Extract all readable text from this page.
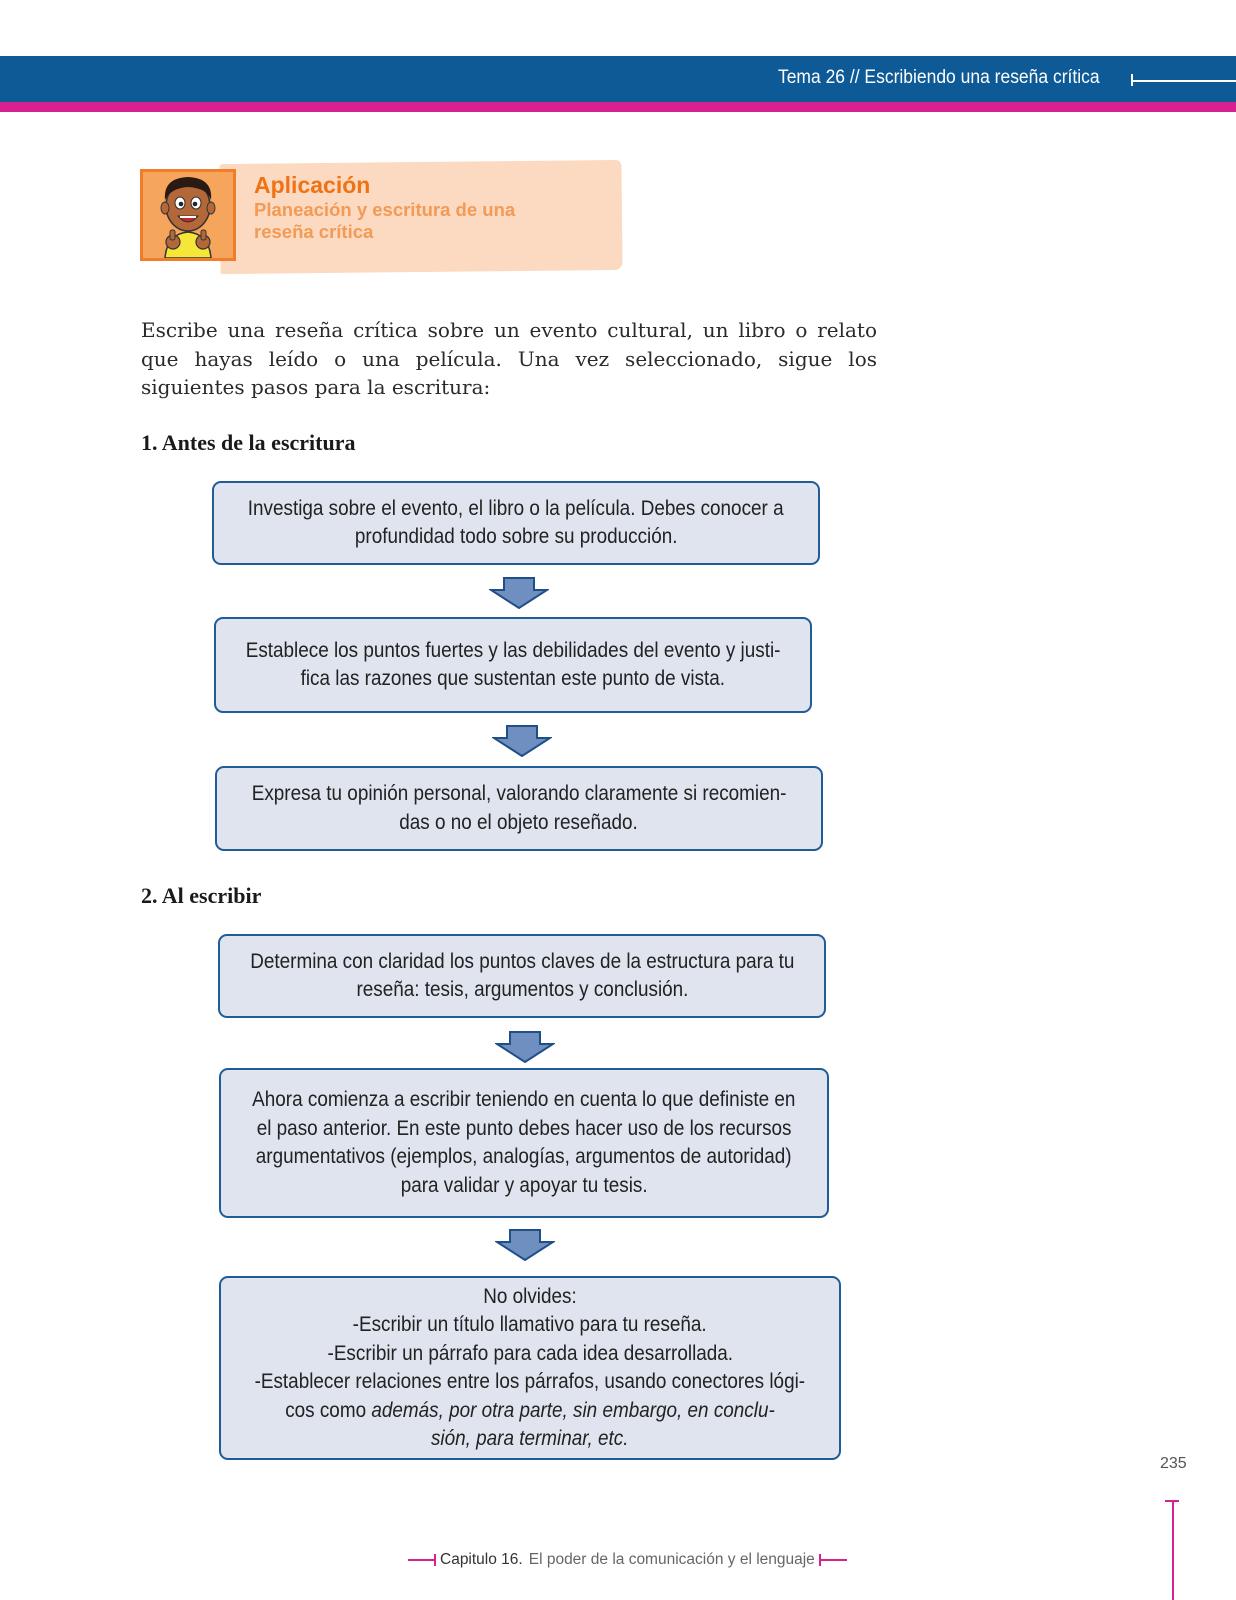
Tema 26 // Escribiendo una reseña crítica
Aplicación
Planeación y escritura de una
reseña crítica
Escribe una reseña crítica sobre un evento cultural, un libro o relato que hayas leído o una película. Una vez seleccionado, sigue los siguientes pasos para la escritura:
1. Antes de la escritura
Investiga sobre el evento, el libro o la película. Debes conocer a
profundidad todo sobre su producción.
Establece los puntos fuertes y las debilidades del evento y justi-
fica las razones que sustentan este punto de vista.
Expresa tu opinión personal, valorando claramente si recomien-
das o no el objeto reseñado.
2. Al escribir
Determina con claridad los puntos claves de la estructura para tu
reseña: tesis, argumentos y conclusión.
Ahora comienza a escribir teniendo en cuenta lo que definiste en
el paso anterior. En este punto debes hacer uso de los recursos
argumentativos (ejemplos, analogías, argumentos de autoridad)
para validar y apoyar tu tesis.
No olvides:
-Escribir un título llamativo para tu reseña.
-Escribir un párrafo para cada idea desarrollada.
-Establecer relaciones entre los párrafos, usando conectores lógi-
cos como además, por otra parte, sin embargo, en conclu-
sión, para terminar, etc.
235
Capitulo 16. El poder de la comunicación y el lenguaje
